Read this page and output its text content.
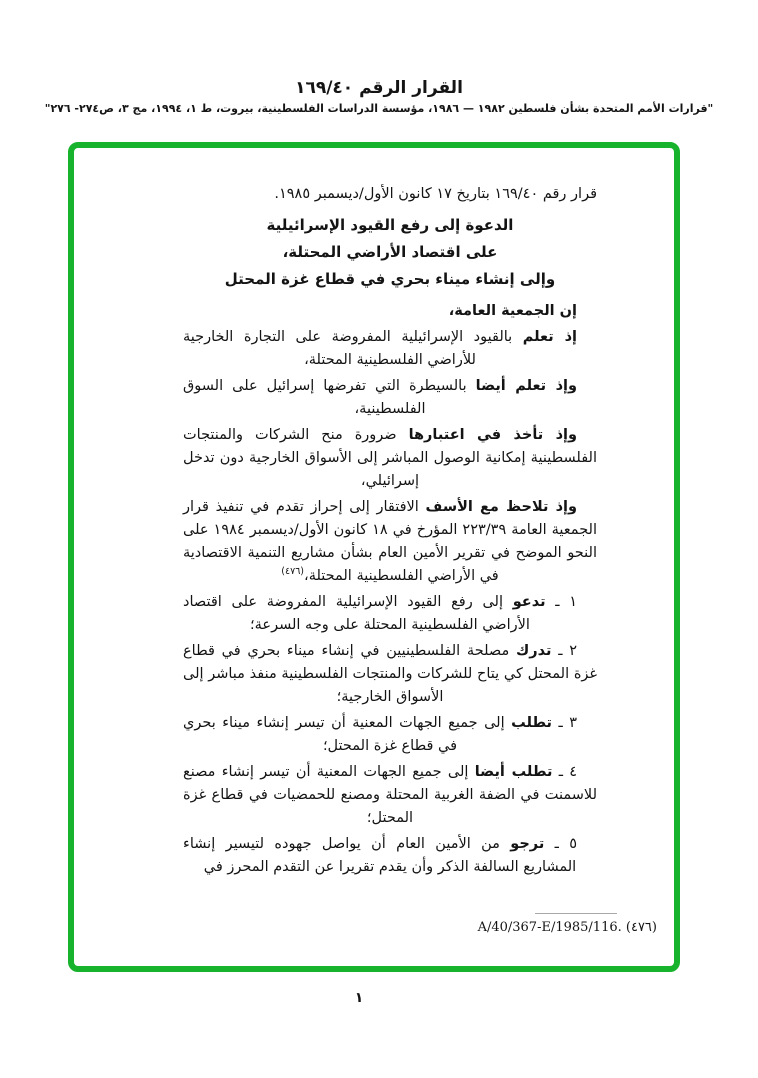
القرار الرقم ١٦٩/٤٠
"قرارات الأمم المتحدة بشأن فلسطين ١٩٨٢ — ١٩٨٦، مؤسسة الدراسات الفلسطينية، بيروت، ط ١، ١٩٩٤، مج ٣، ص٢٧٤- ٢٧٦"
قرار رقم ١٦٩/٤٠ بتاريخ ١٧ كانون الأول/ديسمبر ١٩٨٥.
الدعوة إلى رفع القيود الإسرائيلية
على اقتصاد الأراضي المحتلة،
وإلى إنشاء ميناء بحري في قطاع غزة المحتل

إن الجمعية العامة،

إذ تعلم بالقيود الإسرائيلية المفروضة على التجارة الخارجية للأراضي الفلسطينية المحتلة،

وإذ تعلم أيضا بالسيطرة التي تفرضها إسرائيل على السوق الفلسطينية،

وإذ تأخذ في اعتبارها ضرورة منح الشركات والمنتجات الفلسطينية إمكانية الوصول المباشر إلى الأسواق الخارجية دون تدخل إسرائيلي،

وإذ تلاحظ مع الأسف الافتقار إلى إحراز تقدم في تنفيذ قرار الجمعية العامة ٢٢٣/٣٩ المؤرخ في ١٨ كانون الأول/ديسمبر ١٩٨٤ على النحو الموضح في تقرير الأمين العام بشأن مشاريع التنمية الاقتصادية في الأراضي الفلسطينية المحتلة،$^{(٤٧٦)}$

١ ـ تدعو إلى رفع القيود الإسرائيلية المفروضة على اقتصاد الأراضي الفلسطينية المحتلة على وجه السرعة؛

٢ ـ تدرك مصلحة الفلسطينيين في إنشاء ميناء بحري في قطاع غزة المحتل كي يتاح للشركات والمنتجات الفلسطينية منفذ مباشر إلى الأسواق الخارجية؛

٣ ـ تطلب إلى جميع الجهات المعنية أن تيسر إنشاء ميناء بحري في قطاع غزة المحتل؛

٤ ـ تطلب أيضا إلى جميع الجهات المعنية أن تيسر إنشاء مصنع للاسمنت في الضفة الغربية المحتلة ومصنع للحمضيات في قطاع غزة المحتل؛

٥ ـ ترجو من الأمين العام أن يواصل جهوده لتيسير إنشاء المشاريع السالفة الذكر وأن يقدم تقريرا عن التقدم المحرز في

A/40/367-E/1985/116. (٤٧٦)
١
